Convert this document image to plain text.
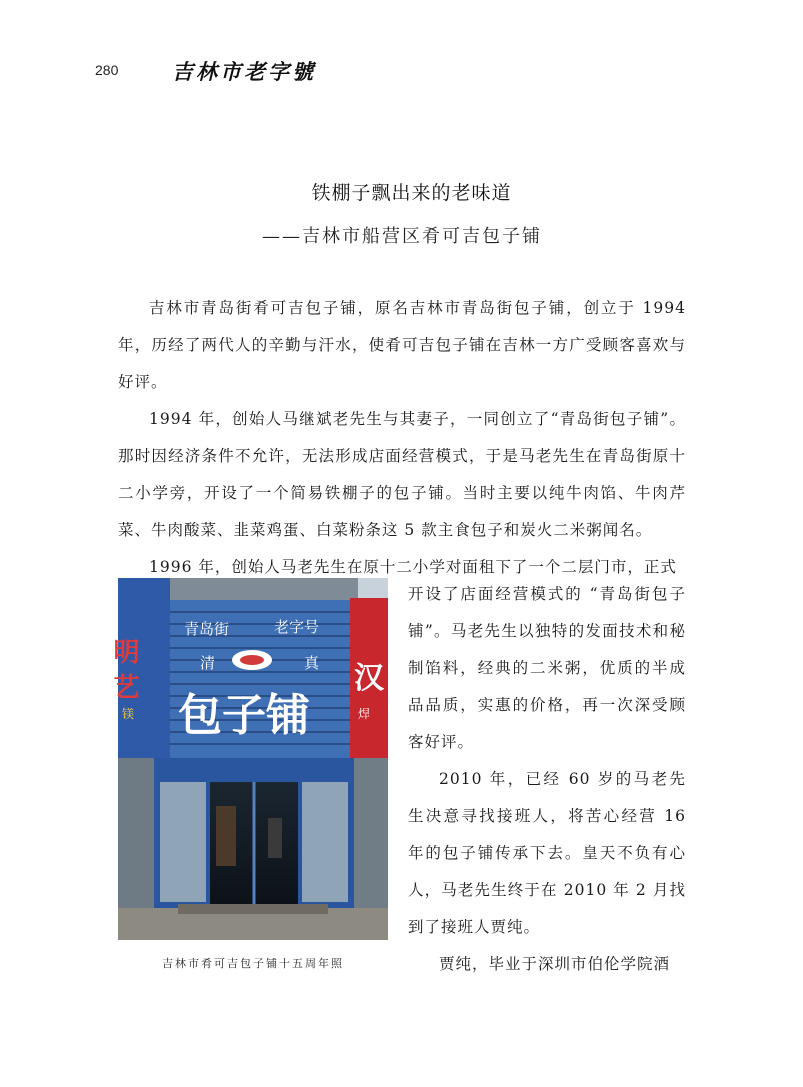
280	吉林市老字號
铁棚子飘出来的老味道
——吉林市船营区肴可吉包子铺

吉林市青岛街肴可吉包子铺，原名吉林市青岛街包子铺，创立于 1994 年，历经了两代人的辛勤与汗水，使肴可吉包子铺在吉林一方广受顾客喜欢与好评。

1994 年，创始人马继斌老先生与其妻子，一同创立了“青岛街包子铺”。那时因经济条件不允许，无法形成店面经营模式，于是马老先生在青岛街原十二小学旁，开设了一个简易铁棚子的包子铺。当时主要以纯牛肉馅、牛肉芹菜、牛肉酸菜、韭菜鸡蛋、白菜粉条这 5 款主食包子和炭火二米粥闻名。

1996 年，创始人马老先生在原十二小学对面租下了一个二层门市，正式

明 艺
镁
汉
焊
青岛街	老字号
清	真
包子铺
吉林市肴可吉包子铺十五周年照

开设了店面经营模式的 “青岛街包子铺”。马老先生以独特的发面技术和秘制馅料，经典的二米粥，优质的半成品品质，实惠的价格，再一次深受顾客好评。

2010 年，已经 60 岁的马老先生决意寻找接班人，将苦心经营 16 年的包子铺传承下去。皇天不负有心人，马老先生终于在 2010 年 2 月找到了接班人贾纯。

贾纯，毕业于深圳市伯伦学院酒
